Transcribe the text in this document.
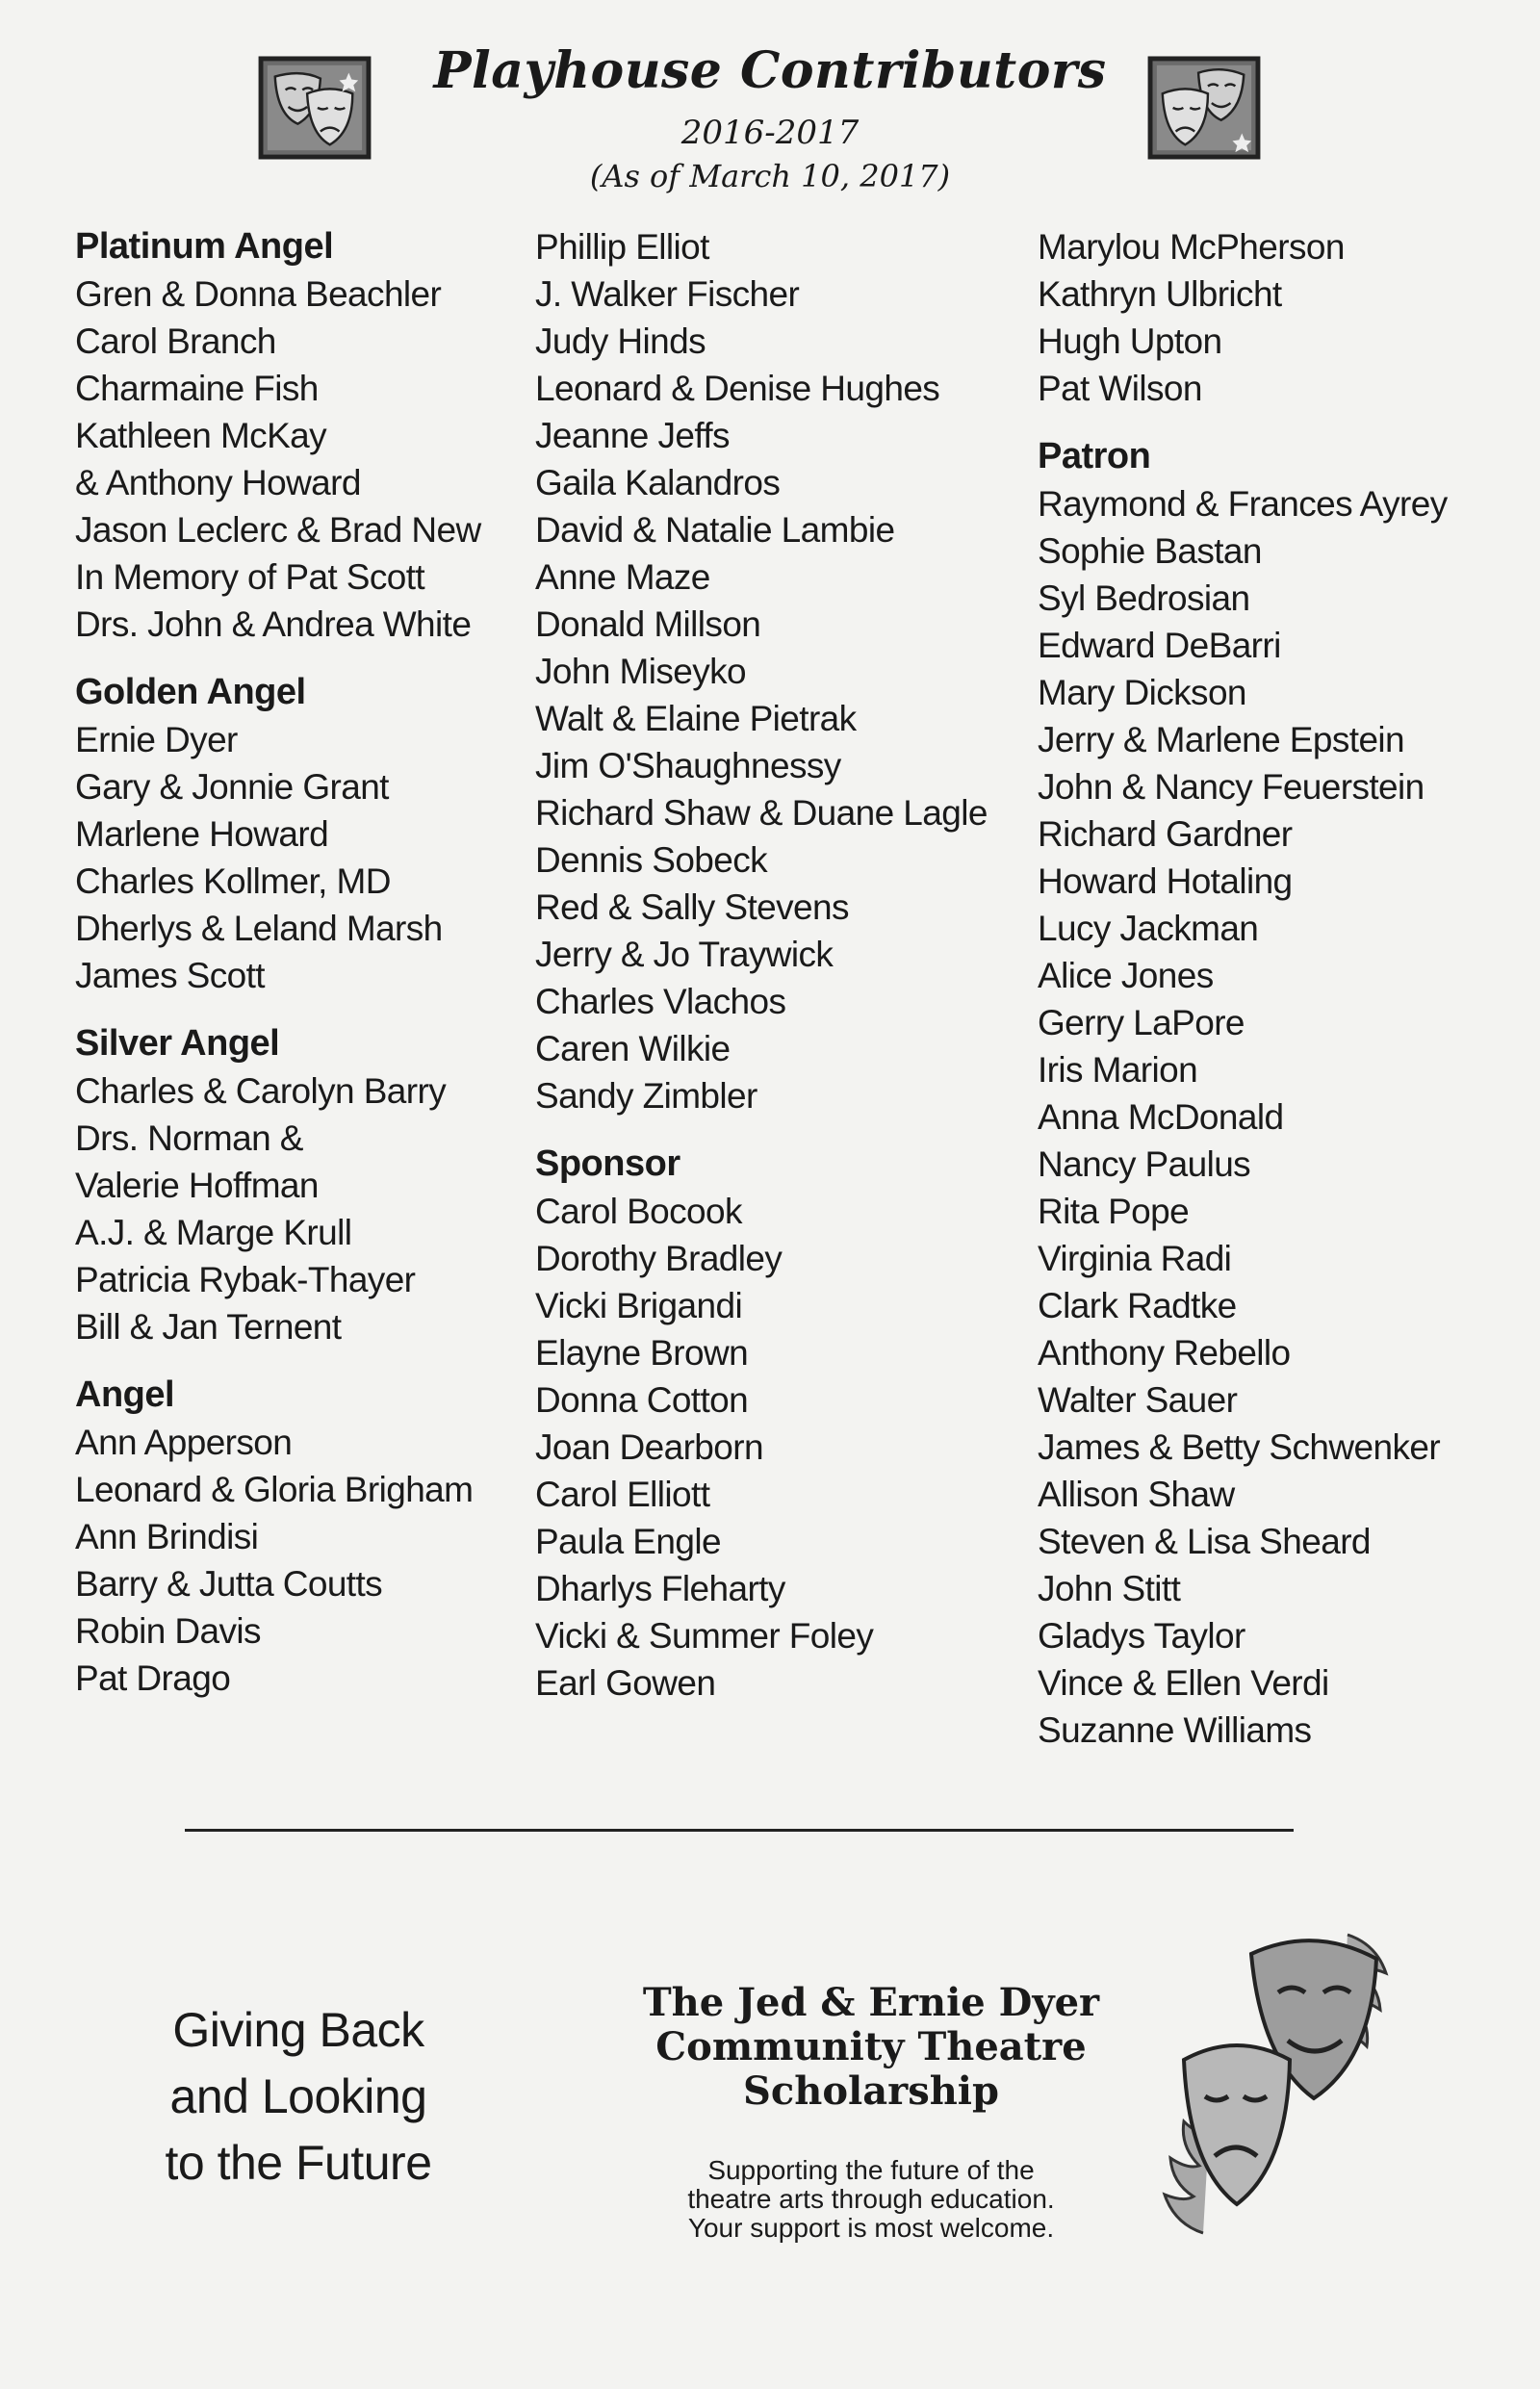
Playhouse Contributors
2016-2017
(As of March 10, 2017)
Platinum Angel
Gren & Donna Beachler
Carol Branch
Charmaine Fish
Kathleen McKay
& Anthony Howard
Jason Leclerc & Brad New
In Memory of Pat Scott
Drs. John & Andrea White
Golden Angel
Ernie Dyer
Gary & Jonnie Grant
Marlene Howard
Charles Kollmer, MD
Dherlys & Leland Marsh
James Scott
Silver Angel
Charles & Carolyn Barry
Drs. Norman &
Valerie Hoffman
A.J. & Marge Krull
Patricia Rybak-Thayer
Bill & Jan Ternent
Angel
Ann Apperson
Leonard & Gloria Brigham
Ann Brindisi
Barry & Jutta Coutts
Robin Davis
Pat Drago
Phillip Elliot
J. Walker Fischer
Judy Hinds
Leonard & Denise Hughes
Jeanne Jeffs
Gaila Kalandros
David & Natalie Lambie
Anne Maze
Donald Millson
John Miseyko
Walt & Elaine Pietrak
Jim O'Shaughnessy
Richard Shaw & Duane Lagle
Dennis Sobeck
Red & Sally Stevens
Jerry & Jo Traywick
Charles Vlachos
Caren Wilkie
Sandy Zimbler
Sponsor
Carol Bocook
Dorothy Bradley
Vicki Brigandi
Elayne Brown
Donna Cotton
Joan Dearborn
Carol Elliott
Paula Engle
Dharlys Fleharty
Vicki & Summer Foley
Earl Gowen
Marylou McPherson
Kathryn Ulbricht
Hugh Upton
Pat Wilson
Patron
Raymond & Frances Ayrey
Sophie Bastan
Syl Bedrosian
Edward DeBarri
Mary Dickson
Jerry & Marlene Epstein
John & Nancy Feuerstein
Richard Gardner
Howard Hotaling
Lucy Jackman
Alice Jones
Gerry LaPore
Iris Marion
Anna McDonald
Nancy Paulus
Rita Pope
Virginia Radi
Clark Radtke
Anthony Rebello
Walter Sauer
James & Betty Schwenker
Allison Shaw
Steven & Lisa Sheard
John Stitt
Gladys Taylor
Vince & Ellen Verdi
Suzanne Williams
Giving Back
and Looking
to the Future
The Jed & Ernie Dyer
Community Theatre
Scholarship
Supporting the future of the
theatre arts through education.
Your support is most welcome.
